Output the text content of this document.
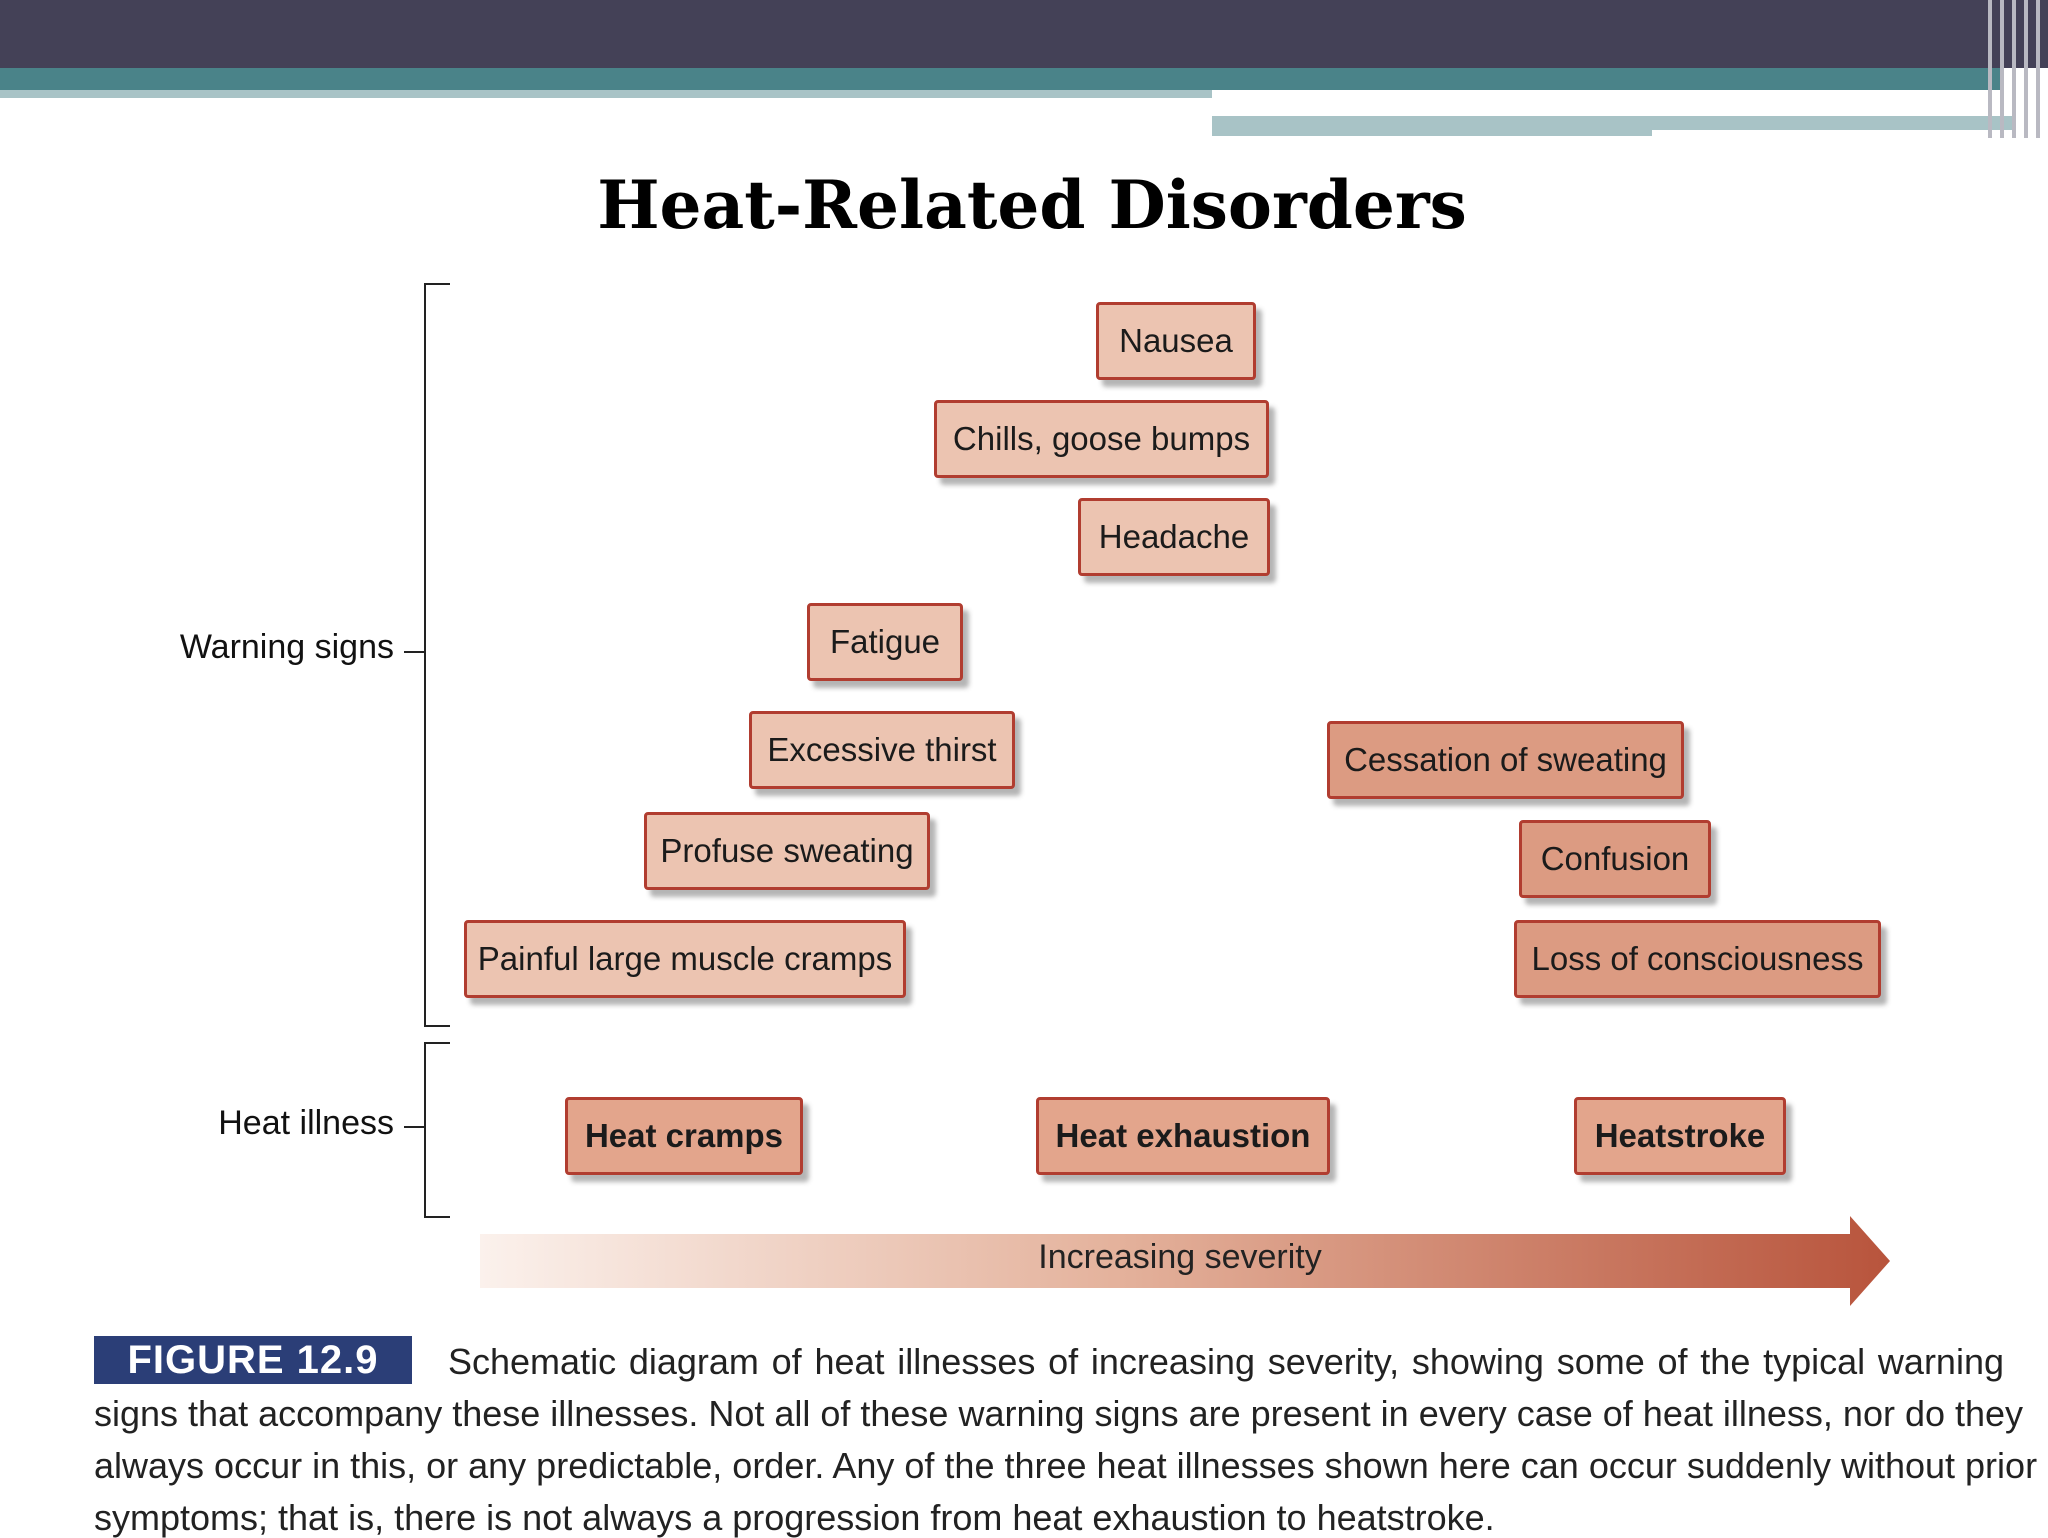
Heat-Related Disorders
Warning signs
Heat illness
Nausea
Chills, goose bumps
Headache
Fatigue
Excessive thirst
Profuse sweating
Painful large muscle cramps
Cessation of sweating
Confusion
Loss of consciousness
Heat cramps	Heat exhaustion	Heatstroke
Increasing severity
FIGURE 12.9	Schematic diagram of heat illnesses of increasing severity, showing some of the typical warning
signs that accompany these illnesses. Not all of these warning signs are present in every case of heat illness, nor do they
always occur in this, or any predictable, order. Any of the three heat illnesses shown here can occur suddenly without prior
symptoms; that is, there is not always a progression from heat exhaustion to heatstroke.
